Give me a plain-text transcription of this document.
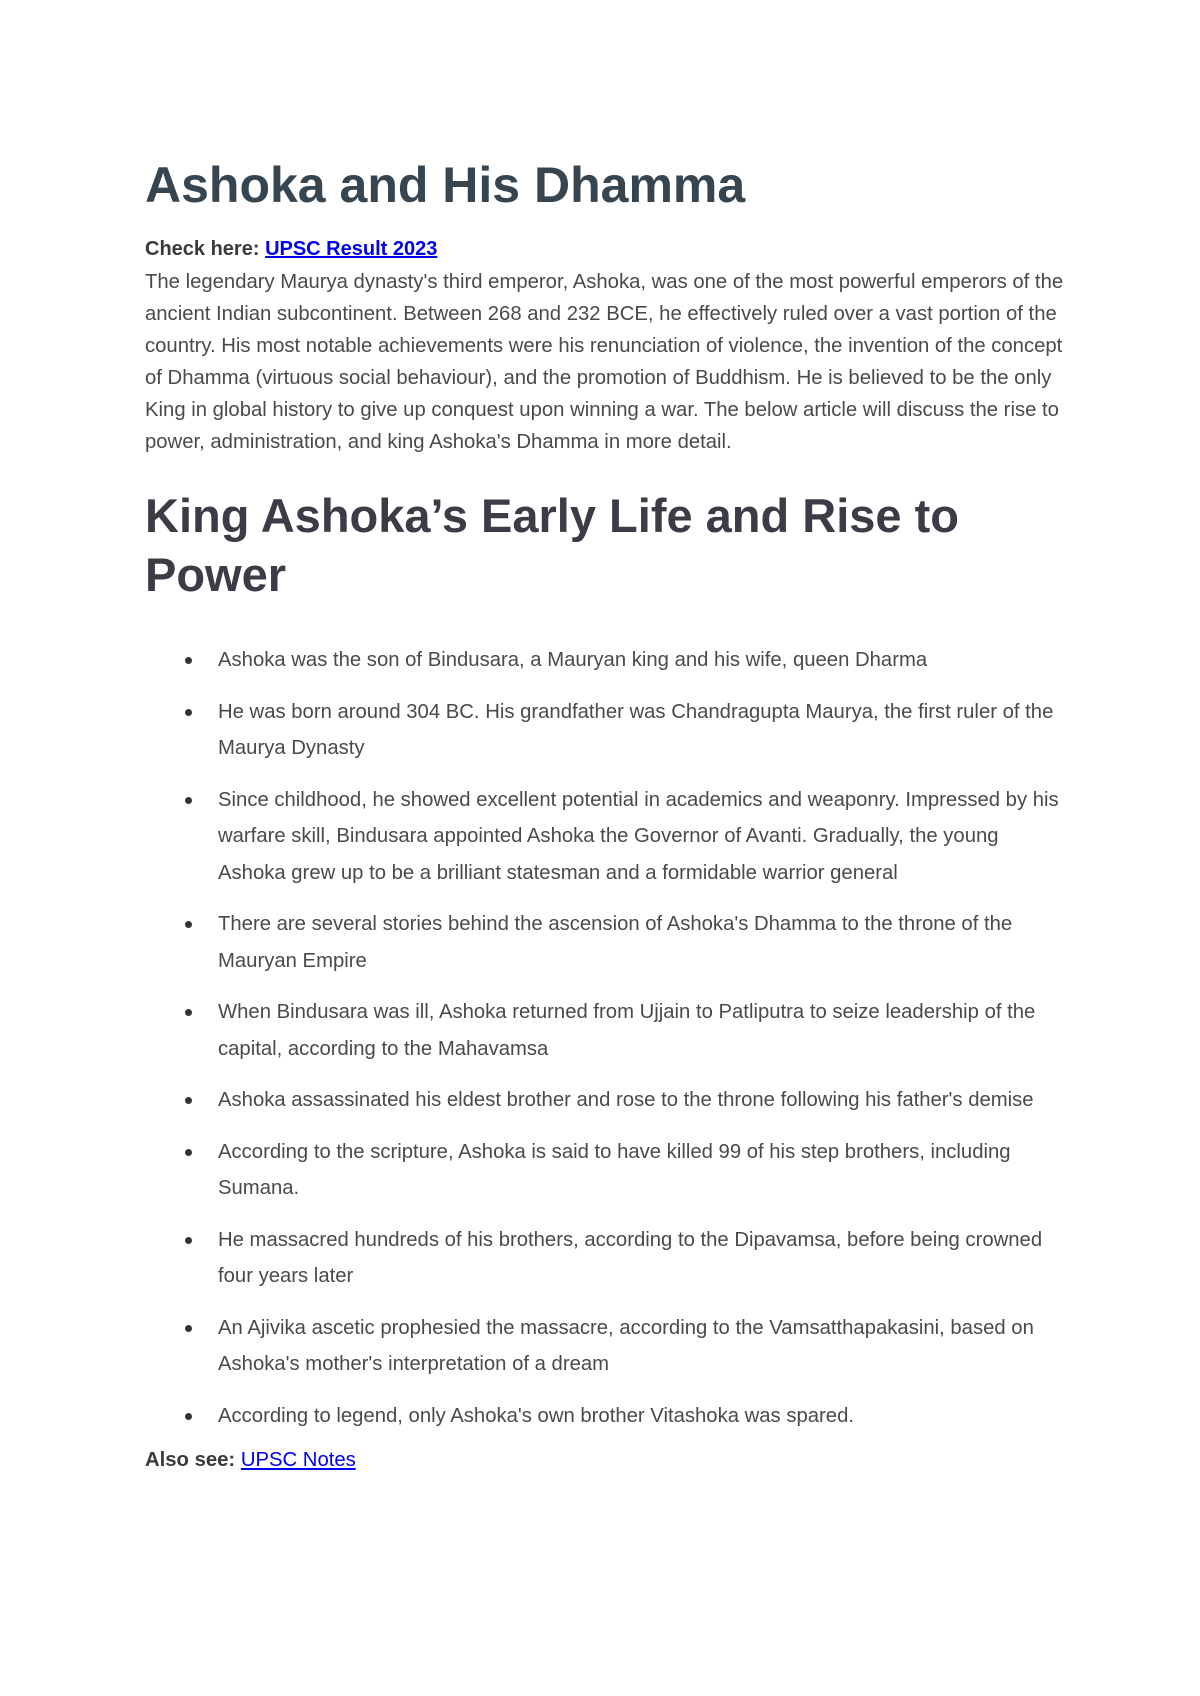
Ashoka and His Dhamma
Check here: UPSC Result 2023

The legendary Maurya dynasty's third emperor, Ashoka, was one of the most powerful emperors of the ancient Indian subcontinent. Between 268 and 232 BCE, he effectively ruled over a vast portion of the country. His most notable achievements were his renunciation of violence, the invention of the concept of Dhamma (virtuous social behaviour), and the promotion of Buddhism. He is believed to be the only King in global history to give up conquest upon winning a war. The below article will discuss the rise to power, administration, and king Ashoka's Dhamma in more detail.

King Ashoka’s Early Life and Rise to Power
Ashoka was the son of Bindusara, a Mauryan king and his wife, queen Dharma
He was born around 304 BC. His grandfather was Chandragupta Maurya, the first ruler of the Maurya Dynasty
Since childhood, he showed excellent potential in academics and weaponry. Impressed by his warfare skill, Bindusara appointed Ashoka the Governor of Avanti. Gradually, the young Ashoka grew up to be a brilliant statesman and a formidable warrior general
There are several stories behind the ascension of Ashoka's Dhamma to the throne of the Mauryan Empire
When Bindusara was ill, Ashoka returned from Ujjain to Patliputra to seize leadership of the capital, according to the Mahavamsa
Ashoka assassinated his eldest brother and rose to the throne following his father's demise
According to the scripture, Ashoka is said to have killed 99 of his step brothers, including Sumana.
He massacred hundreds of his brothers, according to the Dipavamsa, before being crowned four years later
An Ajivika ascetic prophesied the massacre, according to the Vamsatthapakasini, based on Ashoka's mother's interpretation of a dream
According to legend, only Ashoka's own brother Vitashoka was spared.
Also see: UPSC Notes
